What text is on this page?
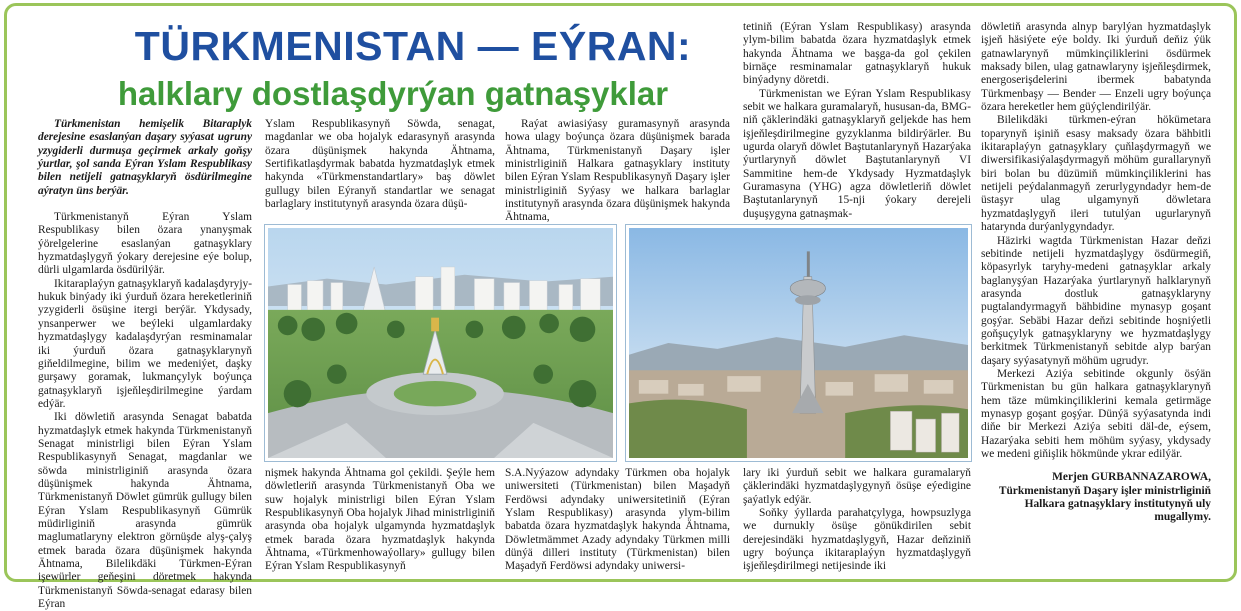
TÜRKMENISTAN — EÝRAN:
halklary dostlaşdyrýan gatnaşyklar

Türkmenistan hemişelik Bitaraplyk derejesine esaslanýan daşary syýasat ugruny yzygiderli durmuşa geçirmek arkaly goňşy ýurtlar, şol sanda Eýran Yslam Respublikasy bilen netijeli gatnaşyklaryň ösdürilmegine aýratyn üns berýär.

Türkmenistanyň Eýran Yslam Respublikasy bilen özara ynanyşmak ýörelgelerine esaslanýan gatnaşyklary hyzmatdaşlygyň ýokary derejesine eýe bolup, dürli ulgamlarda ösdürilýär.

Ikitaraplaýyn gatnaşyklaryň kadalaşdyryjy-hukuk binýady iki ýurduň özara hereketleriniň yzygiderli ösüşine itergi berýär. Ykdysady, ynsanperwer we beýleki ulgamlardaky hyzmatdaşlygy kadalaşdyrýan resminamalar iki ýurduň özara gatnaşyklarynyň giňeldilmegine, bilim we medeniýet, daşky gurşawy goramak, lukmançylyk boýunça gatnaşyklaryň işjeňleşdirilmegine ýardam edýär.

Iki döwletiň arasynda Senagat babatda hyzmatdaşlyk etmek hakynda Türkmenistanyň Senagat ministrligi bilen Eýran Yslam Respublikasynyň Senagat, magdanlar we söwda ministrliginiň arasynda özara düşünişmek hakynda Ähtnama, Türkmenistanyň Döwlet gümrük gullugy bilen Eýran Yslam Respublikasynyň Gümrük müdirliginiň arasynda gümrük maglumatlaryny elektron görnüşde alyş-çalyş etmek barada özara düşünişmek hakynda Ähtnama, Bilelikdäki Türkmen-Eýran işewürler geňeşini döretmek hakynda Türkmenistanyň Söwda-senagat edarasy bilen Eýran

Yslam Respublikasynyň Söwda, senagat, magdanlar we oba hojalyk edarasynyň arasynda özara düşünişmek hakynda Ähtnama, Sertifikatlaşdyrmak babatda hyzmatdaşlyk etmek hakynda «Türkmenstandartlary» baş döwlet gullugy bilen Eýranyň standartlar we senagat barlaglary institutynyň arasynda özara düşü-

Raýat awiasiýasy guramasynyň arasynda howa ulagy boýunça özara düşünişmek barada Ähtnama, Türkmenistanyň Daşary işler ministrliginiň Halkara gatnaşyklary instituty bilen Eýran Yslam Respublikasynyň Daşary işler ministrliginiň Syýasy we halkara barlaglar institutynyň arasynda özara düşünişmek hakynda Ähtnama,

nişmek hakynda Ähtnama gol çekildi. Şeýle hem döwletleriň arasynda Türkmenistanyň Oba we suw hojalyk ministrligi bilen Eýran Yslam Respublikasynyň Oba hojalyk Jihad ministrliginiň arasynda oba hojalyk ulgamynda hyzmatdaşlyk etmek barada özara hyzmatdaşlyk hakynda Ähtnama, «Türkmenhowaýollary» gullugy bilen Eýran Yslam Respublikasynyň

S.A.Nyýazow adyndaky Türkmen oba hojalyk uniwersiteti (Türkmenistan) bilen Maşadyň Ferdöwsi adyndaky uniwersitetiniň (Eýran Yslam Respublikasy) arasynda ylym-bilim babatda özara hyzmatdaşlyk hakynda Ähtnama, Döwletmämmet Azady adyndaky Türkmen milli dünýä dilleri instituty (Türkmenistan) bilen Maşadyň Ferdöwsi adyndaky uniwersi-

tetiniň (Eýran Yslam Respublikasy) arasynda ylym-bilim babatda özara hyzmatdaşlyk etmek hakynda Ähtnama we başga-da gol çekilen birnäçe resminamalar gatnaşyklaryň hukuk binýadyny döretdi.

Türkmenistan we Eýran Yslam Respublikasy sebit we halkara guramalaryň, hususan-da, BMG-niň çäklerindäki gatnaşyklaryň geljekde has hem işjeňleşdirilmegine gyzyklanma bildirýärler. Bu ugurda olaryň döwlet Baştutanlarynyň Hazarýaka ýurtlarynyň döwlet Baştutanlarynyň VI Sammitine hem-de Ykdysady Hyzmatdaşlyk Guramasyna (YHG) agza döwletleriň döwlet Baştutanlarynyň 15-nji ýokary derejeli duşuşygyna gatnaşmak-

lary iki ýurduň sebit we halkara guramalaryň çäklerindäki hyzmatdaşlygynyň ösüşe eýedigine şaýatlyk edýär.

Soňky ýyllarda parahatçylyga, howpsuzlyga we durnukly ösüşe gönükdirilen sebit derejesindäki hyzmatdaşlygyň, Hazar deňziniň ugry boýunça ikitaraplaýyn hyzmatdaşlygyň işjeňleşdirilmegi netijesinde iki

döwletiň arasynda alnyp barylýan hyzmatdaşlyk işjeň häsiýete eýe boldy. Iki ýurduň deňiz ýük gatnawlarynyň mümkinçiliklerini ösdürmek maksady bilen, ulag gatnawlaryny işjeňleşdirmek, energoserişdelerini ibermek babatynda Türkmenbaşy — Bender — Enzeli ugry boýunça özara hereketler hem güýçlendirilýär.

Bilelikdäki türkmen-eýran hökümetara toparynyň işiniň esasy maksady özara bähbitli ikitaraplaýyn gatnaşyklary çuňlaşdyrmagyň we diwersifikasiýalaşdyrmagyň möhüm gurallarynyň biri bolan bu düzümiň mümkinçiliklerini has netijeli peýdalanmagyň zerurlygyndadyr hem-de üstaşyr ulag ulgamynyň döwletara hyzmatdaşlygyň ileri tutulýan ugurlarynyň hatarynda durýanlygyndadyr.

Häzirki wagtda Türkmenistan Hazar deňzi sebitinde netijeli hyzmatdaşlygy ösdürmegiň, köpasyrlyk taryhy-medeni gatnaşyklar arkaly baglanyşýan Hazarýaka ýurtlarynyň halklarynyň arasynda dostluk gatnaşyklaryny pugtalandyrmagyň bähbidine mynasyp goşant goşýar. Sebäbi Hazar deňzi sebitinde hoşniýetli goňşuçylyk gatnaşyklaryny we hyzmatdaşlygy berkitmek Türkmenistanyň sebitde alyp barýan daşary syýasatynyň möhüm ugrudyr.

Merkezi Aziýa sebitinde okgunly ösýän Türkmenistan bu gün halkara gatnaşyklarynyň hem täze mümkinçiliklerini kemala getirmäge mynasyp goşant goşýar. Dünýä syýasatynda indi diňe bir Merkezi Aziýa sebiti däl-de, eýsem, Hazarýaka sebiti hem möhüm syýasy, ykdysady we medeni giňişlik hökmünde ykrar edilýär.

Merjen GURBANNAZAROWA,
Türkmenistanyň Daşary işler ministrliginiň
Halkara gatnaşyklary institutynyň uly
mugallymy.
